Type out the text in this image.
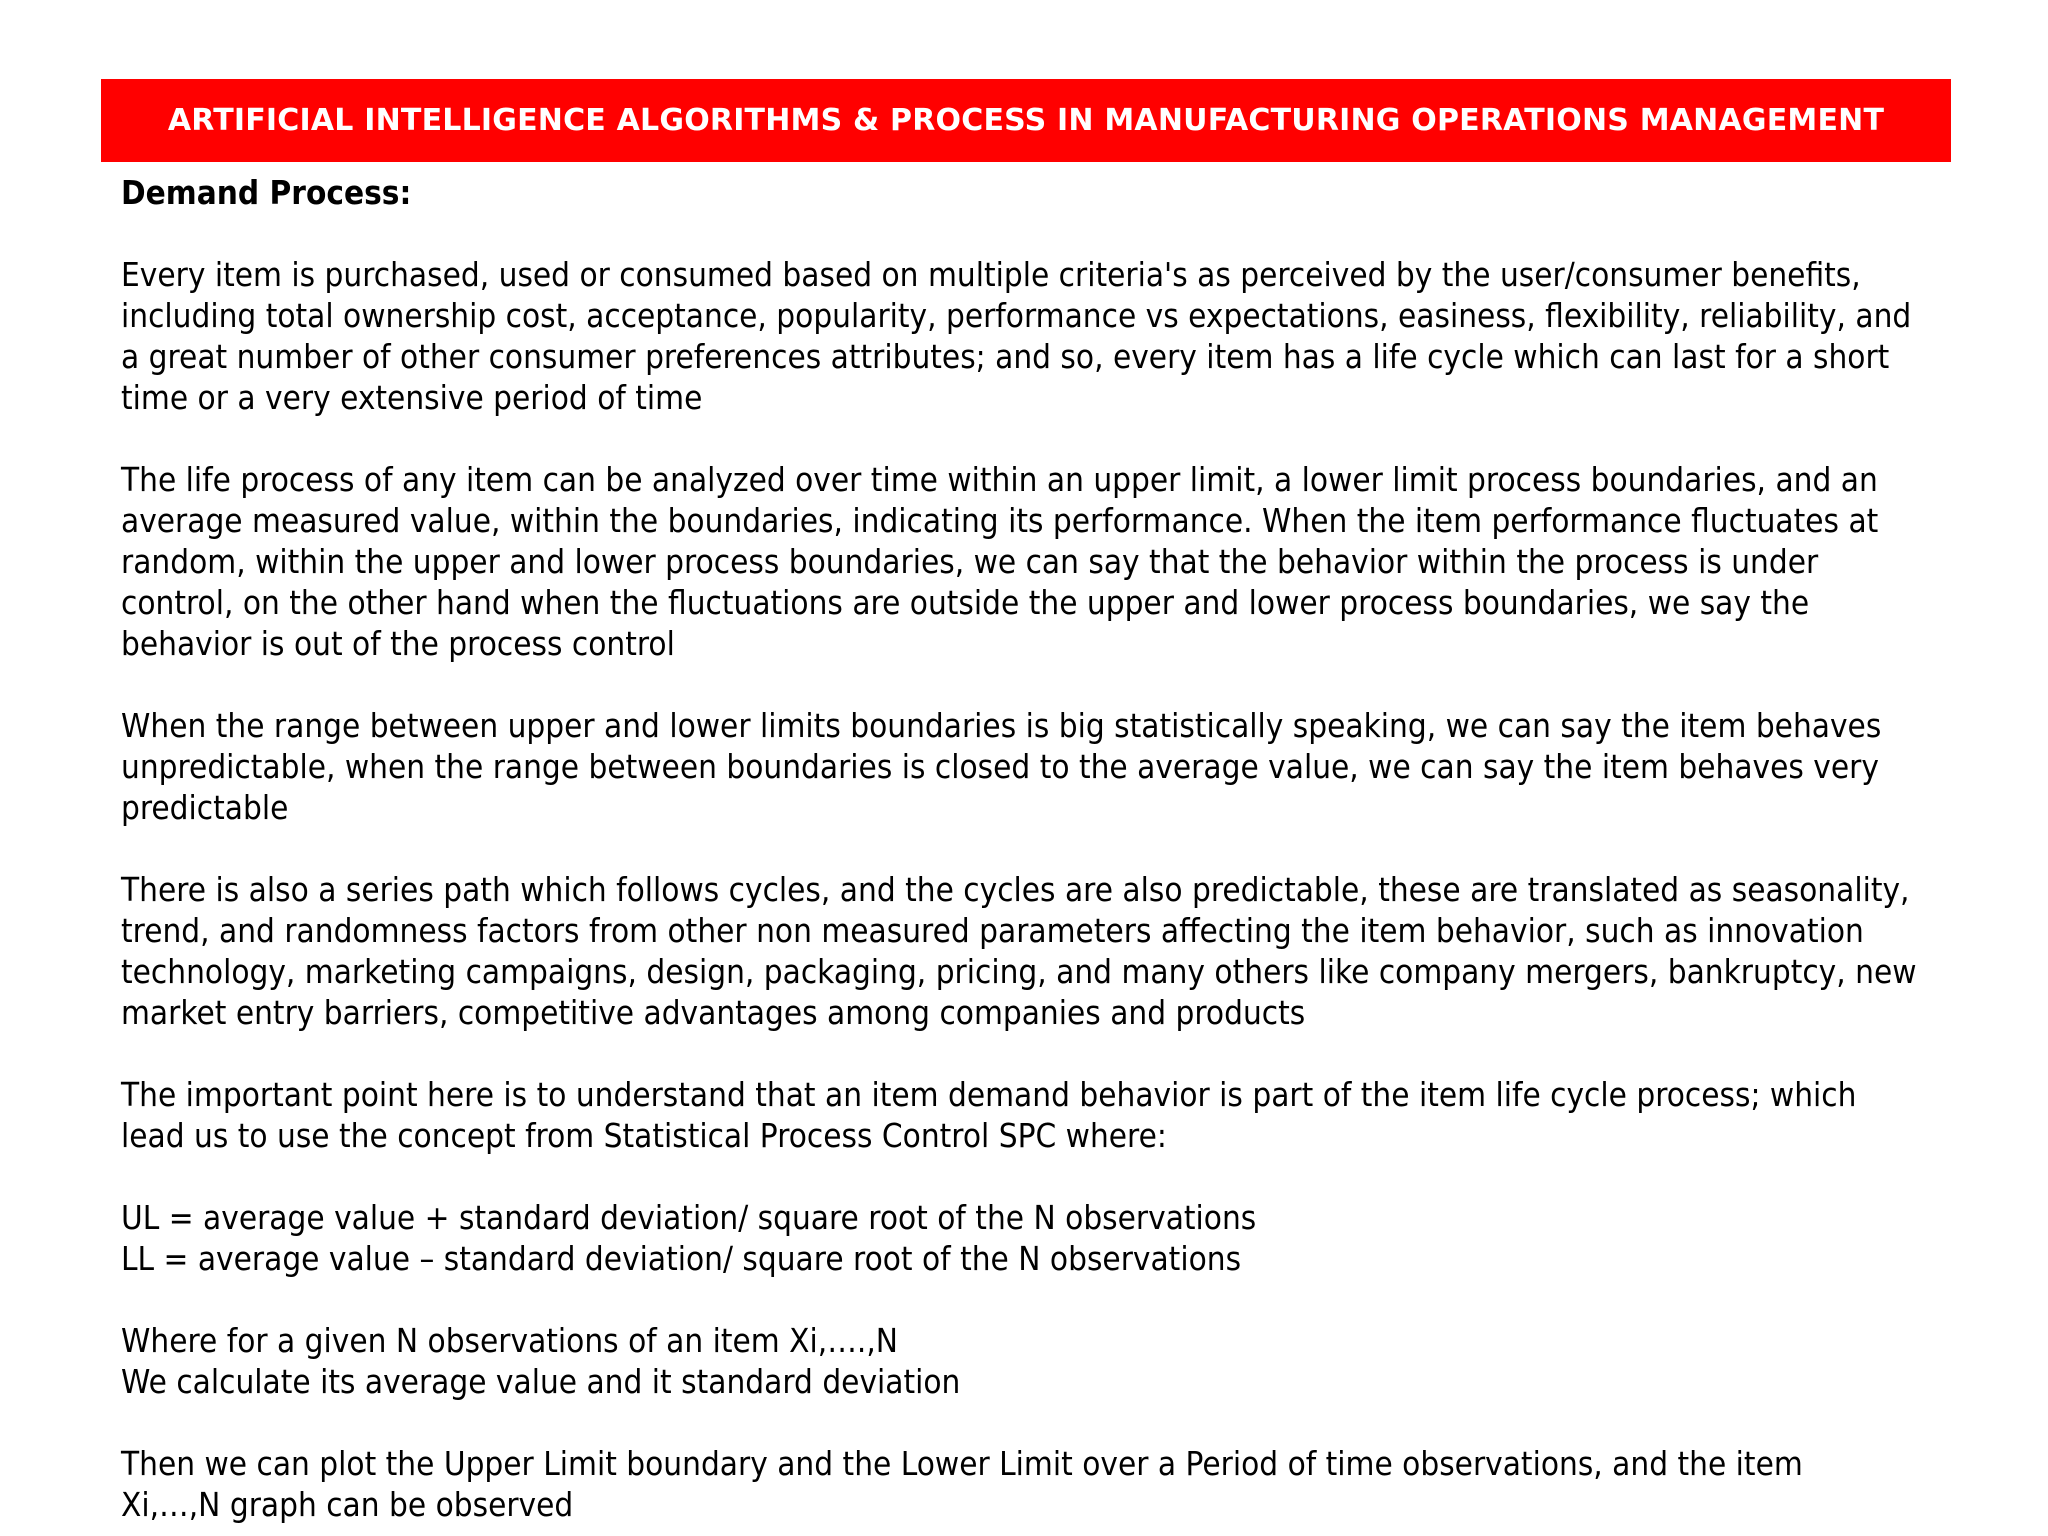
ARTIFICIAL INTELLIGENCE ALGORITHMS & PROCESS IN MANUFACTURING OPERATIONS MANAGEMENT
Demand Process:
Every item is purchased, used or consumed based on multiple criteria's as perceived by the user/consumer benefits,
including total ownership cost, acceptance, popularity, performance vs expectations, easiness, flexibility, reliability, and
a great number of other consumer preferences attributes; and so, every item has a life cycle which can last for a short
time or a very extensive period of time
The life process of any item can be analyzed over time within an upper limit, a lower limit process boundaries, and an
average measured value, within the boundaries, indicating its performance. When the item performance fluctuates at
random, within the upper and lower process boundaries, we can say that the behavior within the process is under
control, on the other hand when the fluctuations are outside the upper and lower process boundaries, we say the
behavior is out of the process control
When the range between upper and lower limits boundaries is big statistically speaking, we can say the item behaves
unpredictable, when the range between boundaries is closed to the average value, we can say the item behaves very
predictable
There is also a series path which follows cycles, and the cycles are also predictable, these are translated as seasonality,
trend, and randomness factors from other non measured parameters affecting the item behavior, such as innovation
technology, marketing campaigns, design, packaging, pricing, and many others like company mergers, bankruptcy, new
market entry barriers, competitive advantages among companies and products
The important point here is to understand that an item demand behavior is part of the item life cycle process; which
lead us to use the concept from Statistical Process Control SPC where:
UL = average value + standard deviation/ square root of the N observations
LL = average value – standard deviation/ square root of the N observations
Where for a given N observations of an item Xi,….,N
We calculate its average value and it standard deviation
Then we can plot the Upper Limit boundary and the Lower Limit over a Period of time observations, and the item
Xi,…,N graph can be observed
